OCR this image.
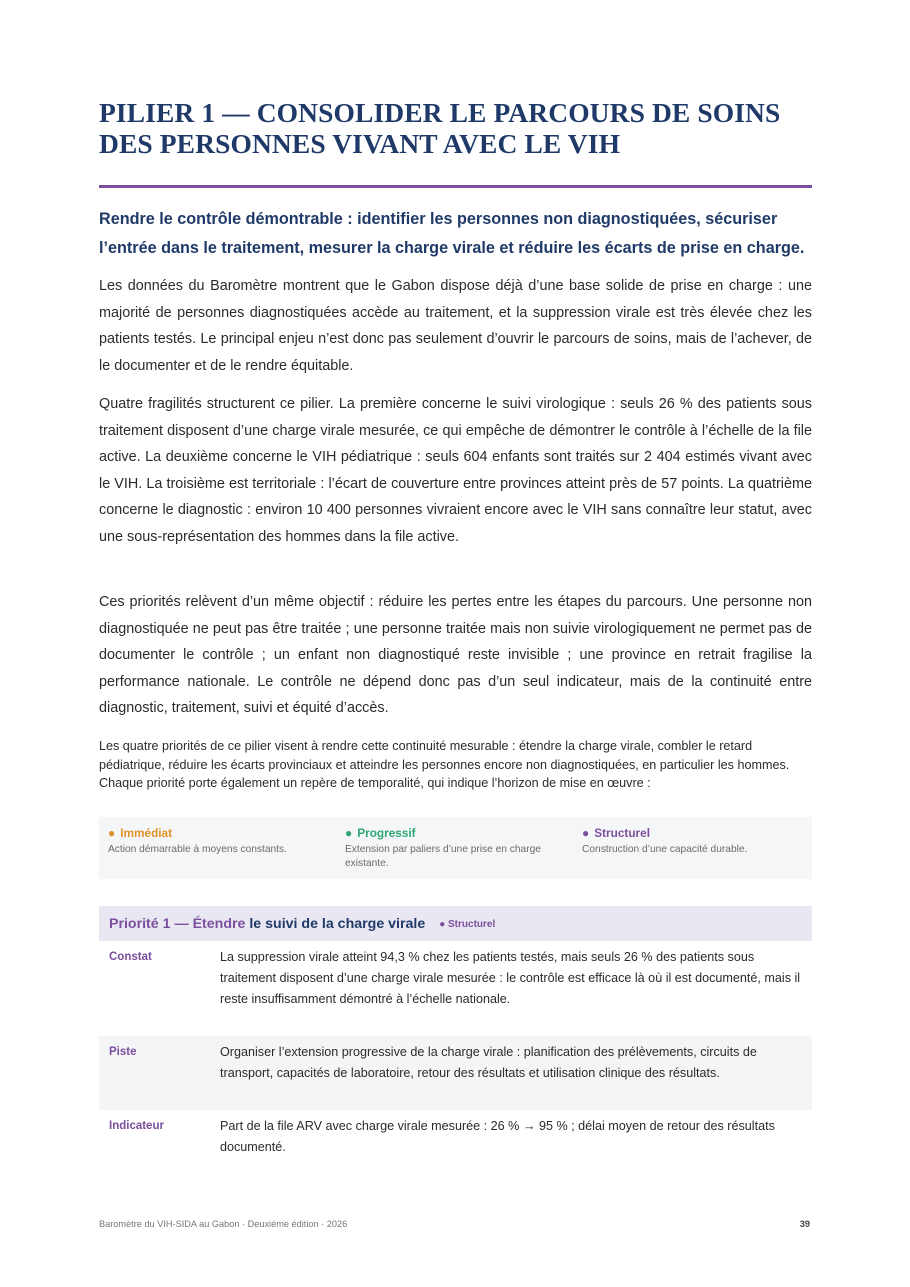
PILIER 1 — CONSOLIDER LE PARCOURS DE SOINS
DES PERSONNES VIVANT AVEC LE VIH

Rendre le contrôle démontrable : identifier les personnes non diagnostiquées, sécuriser
l’entrée dans le traitement, mesurer la charge virale et réduire les écarts de prise en charge.

Les données du Baromètre montrent que le Gabon dispose déjà d’une base solide de prise en charge : une majorité de personnes diagnostiquées accède au traitement, et la suppression virale est très élevée chez les patients testés. Le principal enjeu n’est donc pas seulement d’ouvrir le parcours de soins, mais de l’achever, de le documenter et de le rendre équitable.

Quatre fragilités structurent ce pilier. La première concerne le suivi virologique : seuls 26 % des patients sous traitement disposent d’une charge virale mesurée, ce qui empêche de démontrer le contrôle à l’échelle de la file active. La deuxième concerne le VIH pédiatrique : seuls 604 enfants sont traités sur 2 404 estimés vivant avec le VIH. La troisième est territoriale : l’écart de couverture entre provinces atteint près de 57 points. La quatrième concerne le diagnostic : environ 10 400 personnes vivraient encore avec le VIH sans connaître leur statut, avec une sous-représentation des hommes dans la file active.

Ces priorités relèvent d’un même objectif : réduire les pertes entre les étapes du parcours. Une personne non diagnostiquée ne peut pas être traitée ; une personne traitée mais non suivie virologiquement ne permet pas de documenter le contrôle ; un enfant non diagnostiqué reste invisible ; une province en retrait fragilise la performance nationale. Le contrôle ne dépend donc pas d’un seul indicateur, mais de la continuité entre diagnostic, traitement, suivi et équité d’accès.

Les quatre priorités de ce pilier visent à rendre cette continuité mesurable : étendre la charge virale, combler le retard pédiatrique, réduire les écarts provinciaux et atteindre les personnes encore non diagnostiquées, en particulier les hommes. Chaque priorité porte également un repère de temporalité, qui indique l’horizon de mise en œuvre :

● Immédiat
Action démarrable à moyens constants.
● Progressif
Extension par paliers d’une prise en charge existante.
● Structurel
Construction d’une capacité durable.
Priorité 1 — Étendre le suivi de la charge virale ● Structurel
Constat	La suppression virale atteint 94,3 % chez les patients testés, mais seuls 26 % des patients sous traitement disposent d’une charge virale mesurée : le contrôle est efficace là où il est documenté, mais il reste insuffisamment démontré à l’échelle nationale.
Piste	Organiser l’extension progressive de la charge virale : planification des prélèvements, circuits de transport, capacités de laboratoire, retour des résultats et utilisation clinique des résultats.
Indicateur	Part de la file ARV avec charge virale mesurée : 26 % → 95 % ; délai moyen de retour des résultats documenté.
Baromètre du VIH-SIDA au Gabon · Deuxième édition · 2026	39
